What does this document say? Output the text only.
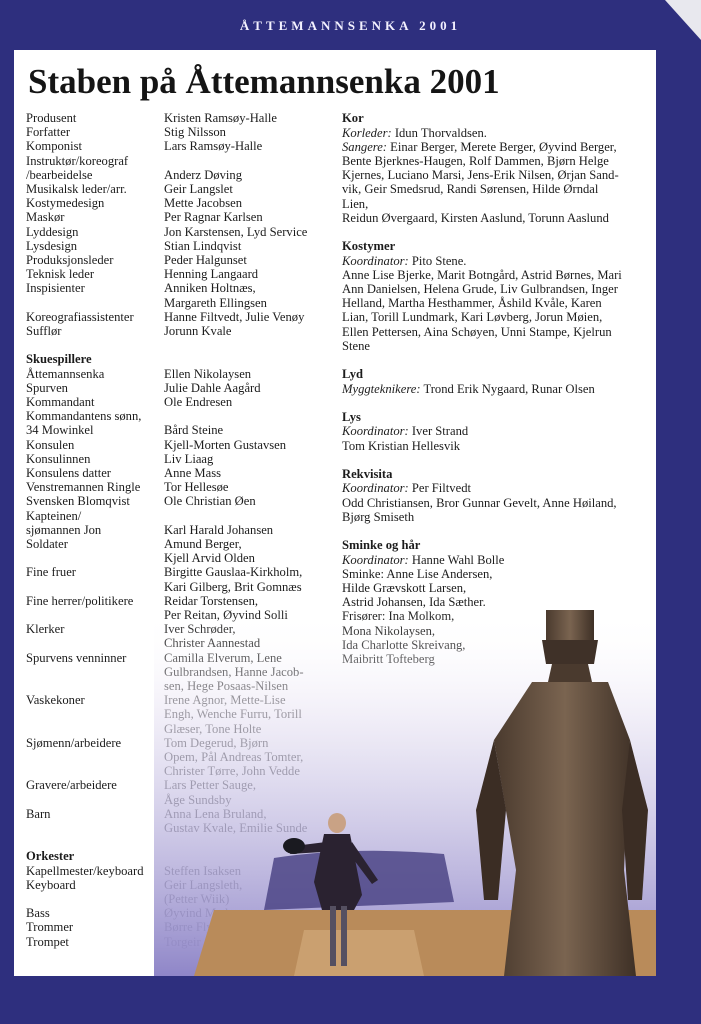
ÅTTEMANNSENKA 2001
Staben på Åttemannsenka 2001
Produsent
Forfatter
Komponist
Instruktør/koreograf
/bearbeidelse
Musikalsk leder/arr.
Kostymedesign
Maskør
Lyddesign
Lysdesign
Produksjonsleder
Teknisk leder
Inspisienter
Koreografiassistenter
Sufflør
Skuespillere
Åttemannsenka
Spurven
Kommandant
Kommandantens sønn,
34 Mowinkel
Konsulen
Konsulinnen
Konsulens datter
Venstremannen Ringle
Svensken Blomqvist
Kapteinen/
sjømannen Jon
Soldater
Fine fruer
Fine herrer/politikere
Klerker
Spurvens venninner
Vaskekoner
Sjømenn/arbeidere
Gravere/arbeidere
Barn
Orkester
Kapellmester/keyboard
Keyboard
Bass
Trommer
Trompet
Kristen Ramsøy-Halle
Stig Nilsson
Lars Ramsøy-Halle
Anderz Døving
Geir Langslet
Mette Jacobsen
Per Ragnar Karlsen
Jon Karstensen, Lyd Service
Stian Lindqvist
Peder Halgunset
Henning Langaard
Anniken Holtnæs,
Margareth Ellingsen
Hanne Filtvedt, Julie Venøy
Jorunn Kvale
Ellen Nikolaysen
Julie Dahle Aagård
Ole Endresen
Bård Steine
Kjell-Morten Gustavsen
Liv Liaag
Anne Mass
Tor Hellesøe
Ole Christian Øen
Karl Harald Johansen
Amund Berger,
Kjell Arvid Olden
Birgitte Gauslaa-Kirkholm,
Kari Gilberg, Brit Gomnæs
Reidar Torstensen,
Kor

Korleder: Idun Thorvaldsen.

Sangere: Einar Berger, Merete Berger, Øyvind Berger,

Bente Bjerknes-Haugen, Rolf Dammen, Bjørn Helge

Kjernes, Luciano Marsi, Jens-Erik Nilsen, Ørjan Sand-

vik, Geir Smedsrud, Randi Sørensen, Hilde Ørndal

Lien,

Reidun Øvergaard, Kirsten Aaslund, Torunn Aaslund

Kostymer

Koordinator: Pito Stene.

Anne Lise Bjerke, Marit Botngård, Astrid Børnes, Mari

Ann Danielsen, Helena Grude, Liv Gulbrandsen, Inger

Helland, Martha Hesthammer, Åshild Kvåle, Karen

Lian, Torill Lundmark, Kari Løvberg, Jorun Møien,

Ellen Pettersen, Aina Schøyen, Unni Stampe, Kjelrun

Stene

Lyd

Myggteknikere: Trond Erik Nygaard, Runar Olsen

Lys

Koordinator: Iver Strand

Tom Kristian Hellesvik

Rekvisita

Koordinator: Per Filtvedt

Odd Christiansen, Bror Gunnar Gevelt, Anne Høiland,

Bjørg Smiseth

Sminke og hår

Koordinator: Hanne Wahl Bolle

Sminke: Anne Lise Andersen,

Hilde Grævskott Larsen,

Astrid Johansen, Ida Sæther.
